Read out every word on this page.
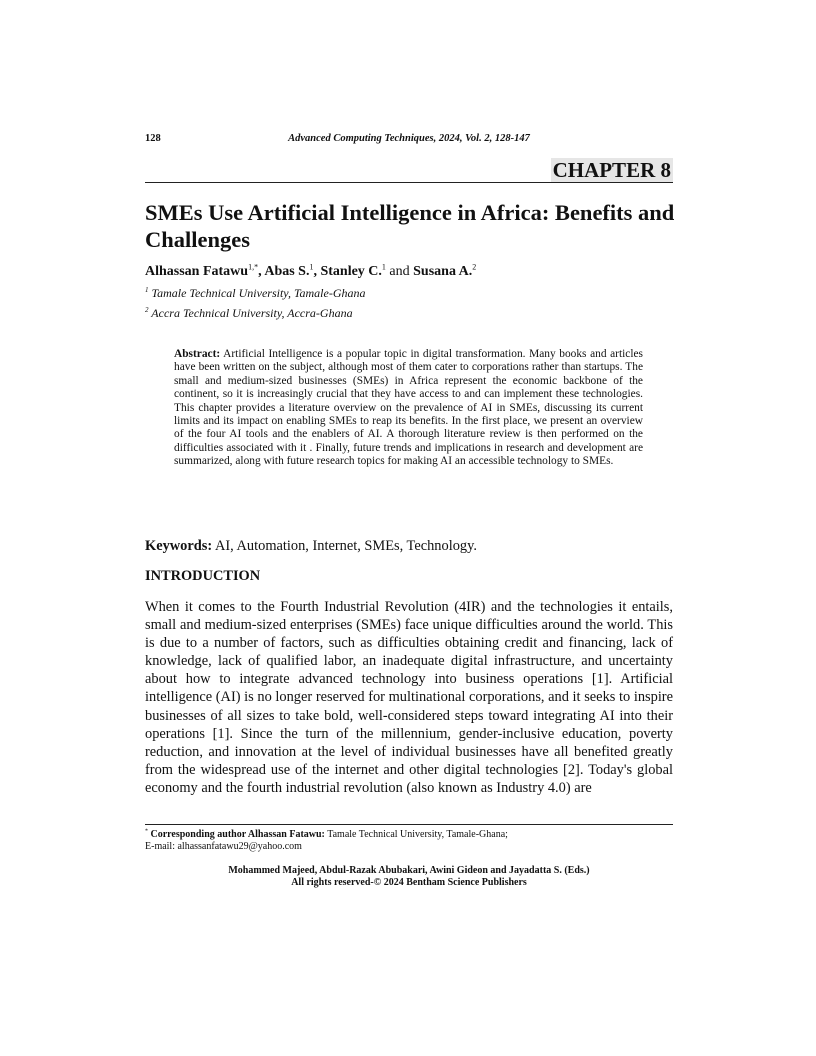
128	Advanced Computing Techniques, 2024, Vol. 2, 128-147
CHAPTER 8
SMEs Use Artificial Intelligence in Africa: Benefits and Challenges
Alhassan Fatawu$^{1,*}$, Abas S.$^1$, Stanley C.$^1$ and Susana A.$^2$
$^1$ Tamale Technical University, Tamale-Ghana
$^2$ Accra Technical University, Accra-Ghana

Abstract: Artificial Intelligence is a popular topic in digital transformation. Many books and articles have been written on the subject, although most of them cater to corporations rather than startups. The small and medium-sized businesses (SMEs) in Africa represent the economic backbone of the continent, so it is increasingly crucial that they have access to and can implement these technologies. This chapter provides a literature overview on the prevalence of AI in SMEs, discussing its current limits and its impact on enabling SMEs to reap its benefits. In the first place, we present an overview of the four AI tools and the enablers of AI. A thorough literature review is then performed on the difficulties associated with it . Finally, future trends and implications in research and development are summarized, along with future research topics for making AI an accessible technology to SMEs.

Keywords: AI, Automation, Internet, SMEs, Technology.
INTRODUCTION

When it comes to the Fourth Industrial Revolution (4IR) and the technologies it entails, small and medium-sized enterprises (SMEs) face unique difficulties around the world. This is due to a number of factors, such as difficulties obtaining credit and financing, lack of knowledge, lack of qualified labor, an inadequate digital infrastructure, and uncertainty about how to integrate advanced technology into business operations [1]. Artificial intelligence (AI) is no longer reserved for multinational corporations, and it seeks to inspire businesses of all sizes to take bold, well-considered steps toward integrating AI into their operations [1]. Since the turn of the millennium, gender-inclusive education, poverty reduction, and innovation at the level of individual businesses have all benefited greatly from the widespread use of the internet and other digital technologies [2]. Today's global economy and the fourth industrial revolution (also known as Industry 4.0) are

* Corresponding author Alhassan Fatawu: Tamale Technical University, Tamale-Ghana;
E-mail: alhassanfatawu29@yahoo.com
Mohammed Majeed, Abdul-Razak Abubakari, Awini Gideon and Jayadatta S. (Eds.)
All rights reserved-© 2024 Bentham Science Publishers
